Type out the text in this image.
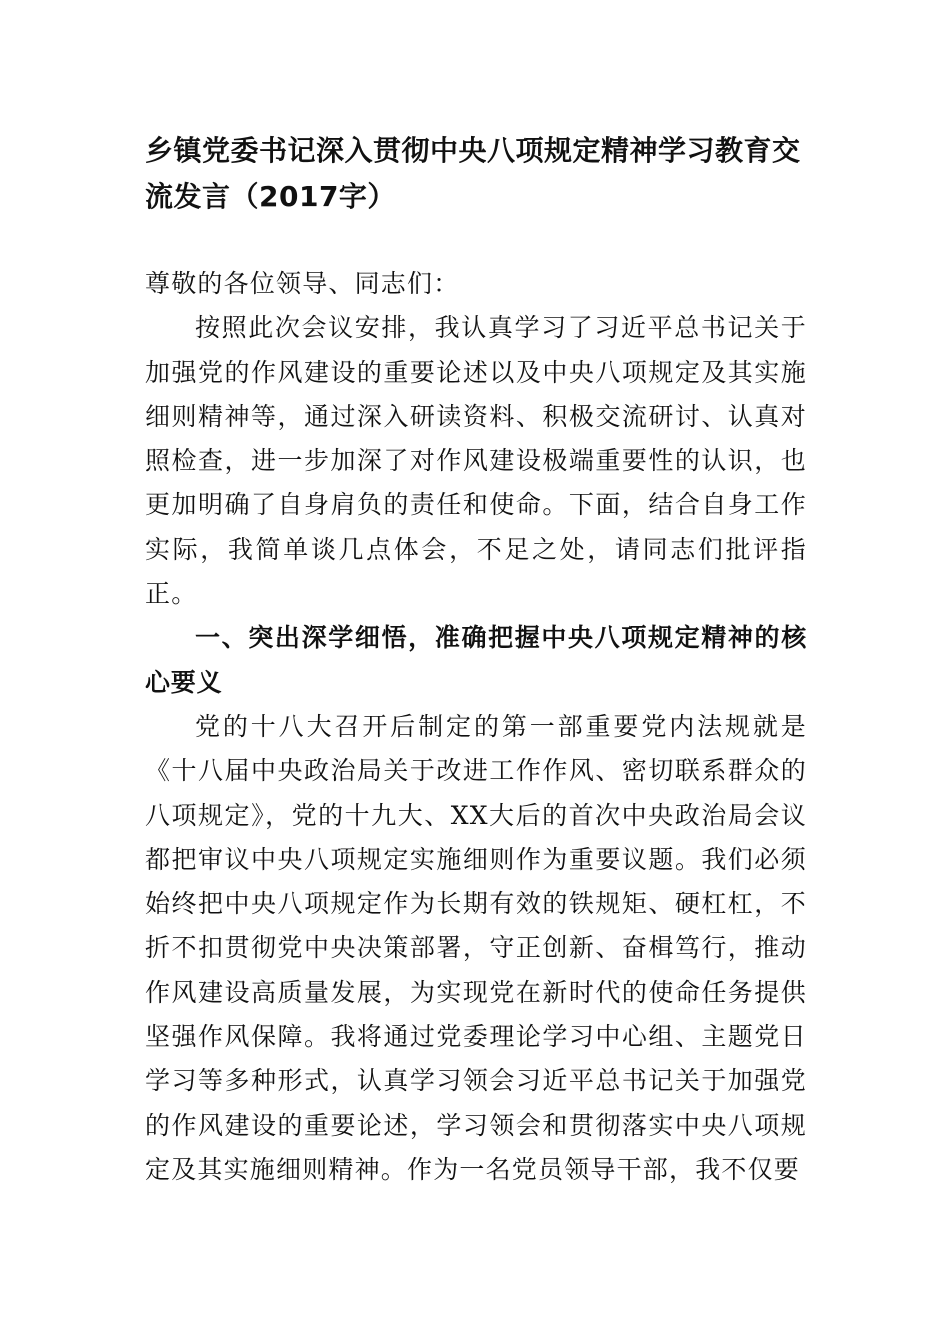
乡镇党委书记深入贯彻中央八项规定精神学习教育交流发言（2017字）

尊敬的各位领导、同志们：

按照此次会议安排，我认真学习了习近平总书记关于加强党的作风建设的重要论述以及中央八项规定及其实施细则精神等，通过深入研读资料、积极交流研讨、认真对照检查，进一步加深了对作风建设极端重要性的认识，也更加明确了自身肩负的责任和使命。下面，结合自身工作实际，我简单谈几点体会，不足之处，请同志们批评指正。

一、突出深学细悟，准确把握中央八项规定精神的核心要义

党的十八大召开后制定的第一部重要党内法规就是《十八届中央政治局关于改进工作作风、密切联系群众的八项规定》，党的十九大、XX大后的首次中央政治局会议都把审议中央八项规定实施细则作为重要议题。我们必须始终把中央八项规定作为长期有效的铁规矩、硬杠杠，不折不扣贯彻党中央决策部署，守正创新、奋楫笃行，推动作风建设高质量发展，为实现党在新时代的使命任务提供坚强作风保障。我将通过党委理论学习中心组、主题党日学习等多种形式，认真学习领会习近平总书记关于加强党的作风建设的重要论述，学习领会和贯彻落实中央八项规定及其实施细则精神。作为一名党员领导干部，我不仅要
